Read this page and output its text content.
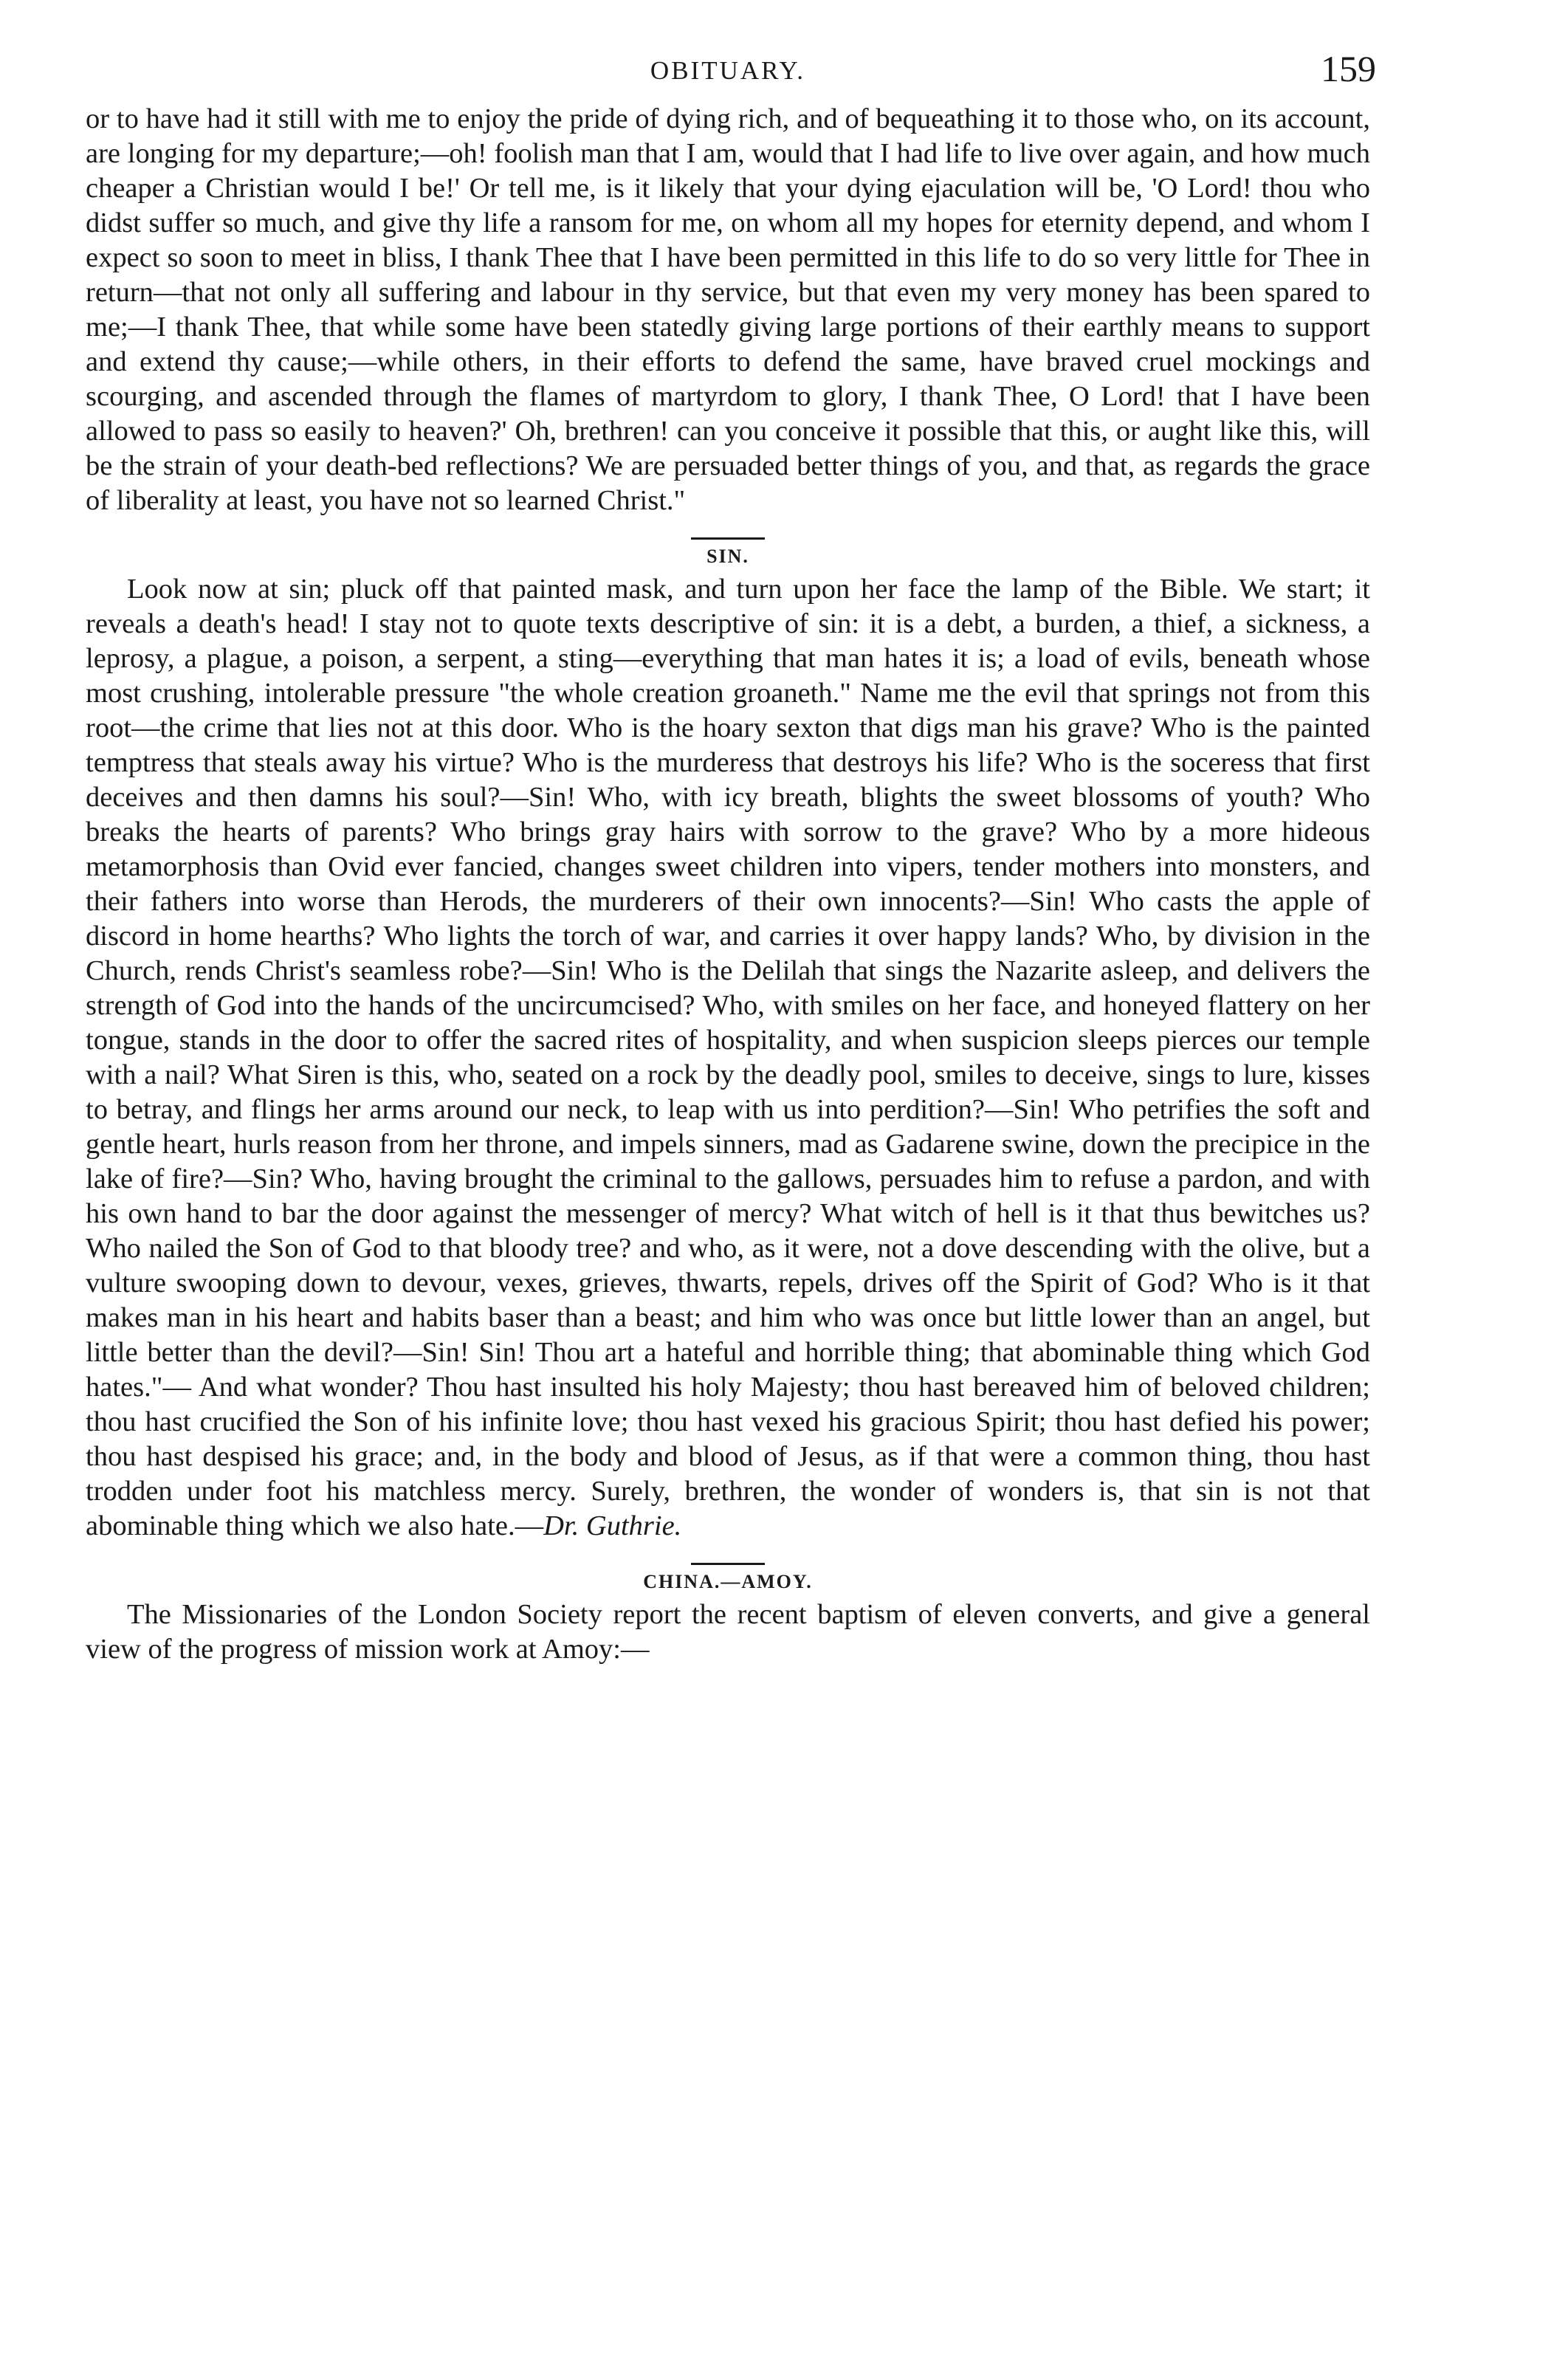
OBITUARY.	159

or to have had it still with me to enjoy the pride of dying rich, and of bequeathing it to those who, on its account, are longing for my departure;—oh! foolish man that I am, would that I had life to live over again, and how much cheaper a Christian would I be!' Or tell me, is it likely that your dying ejaculation will be, 'O Lord! thou who didst suffer so much, and give thy life a ransom for me, on whom all my hopes for eternity depend, and whom I expect so soon to meet in bliss, I thank Thee that I have been permitted in this life to do so very little for Thee in return—that not only all suffering and labour in thy service, but that even my very money has been spared to me;—I thank Thee, that while some have been statedly giving large portions of their earthly means to support and extend thy cause;—while others, in their efforts to defend the same, have braved cruel mockings and scourging, and ascended through the flames of martyrdom to glory, I thank Thee, O Lord! that I have been allowed to pass so easily to heaven?' Oh, brethren! can you conceive it possible that this, or aught like this, will be the strain of your death-bed reflections? We are persuaded better things of you, and that, as regards the grace of liberality at least, you have not so learned Christ."

SIN.

Look now at sin; pluck off that painted mask, and turn upon her face the lamp of the Bible. We start; it reveals a death's head! I stay not to quote texts descriptive of sin: it is a debt, a burden, a thief, a sickness, a leprosy, a plague, a poison, a serpent, a sting—everything that man hates it is; a load of evils, beneath whose most crushing, intolerable pressure "the whole creation groaneth." Name me the evil that springs not from this root—the crime that lies not at this door. Who is the hoary sexton that digs man his grave? Who is the painted temptress that steals away his virtue? Who is the murderess that destroys his life? Who is the soceress that first deceives and then damns his soul?—Sin! Who, with icy breath, blights the sweet blossoms of youth? Who breaks the hearts of parents? Who brings gray hairs with sorrow to the grave? Who by a more hideous metamorphosis than Ovid ever fancied, changes sweet children into vipers, tender mothers into monsters, and their fathers into worse than Herods, the murderers of their own innocents?—Sin! Who casts the apple of discord in home hearths? Who lights the torch of war, and carries it over happy lands? Who, by division in the Church, rends Christ's seamless robe?—Sin! Who is the Delilah that sings the Nazarite asleep, and delivers the strength of God into the hands of the uncircumcised? Who, with smiles on her face, and honeyed flattery on her tongue, stands in the door to offer the sacred rites of hospitality, and when suspicion sleeps pierces our temple with a nail? What Siren is this, who, seated on a rock by the deadly pool, smiles to deceive, sings to lure, kisses to betray, and flings her arms around our neck, to leap with us into perdition?—Sin! Who petrifies the soft and gentle heart, hurls reason from her throne, and impels sinners, mad as Gadarene swine, down the precipice in the lake of fire?—Sin? Who, having brought the criminal to the gallows, persuades him to refuse a pardon, and with his own hand to bar the door against the messenger of mercy? What witch of hell is it that thus bewitches us? Who nailed the Son of God to that bloody tree? and who, as it were, not a dove descending with the olive, but a vulture swooping down to devour, vexes, grieves, thwarts, repels, drives off the Spirit of God? Who is it that makes man in his heart and habits baser than a beast; and him who was once but little lower than an angel, but little better than the devil?—Sin! Sin! Thou art a hateful and horrible thing; that abominable thing which God hates."— And what wonder? Thou hast insulted his holy Majesty; thou hast bereaved him of beloved children; thou hast crucified the Son of his infinite love; thou hast vexed his gracious Spirit; thou hast defied his power; thou hast despised his grace; and, in the body and blood of Jesus, as if that were a common thing, thou hast trodden under foot his matchless mercy. Surely, brethren, the wonder of wonders is, that sin is not that abominable thing which we also hate.—Dr. Guthrie.

CHINA.—AMOY.

The Missionaries of the London Society report the recent baptism of eleven converts, and give a general view of the progress of mission work at Amoy:—
